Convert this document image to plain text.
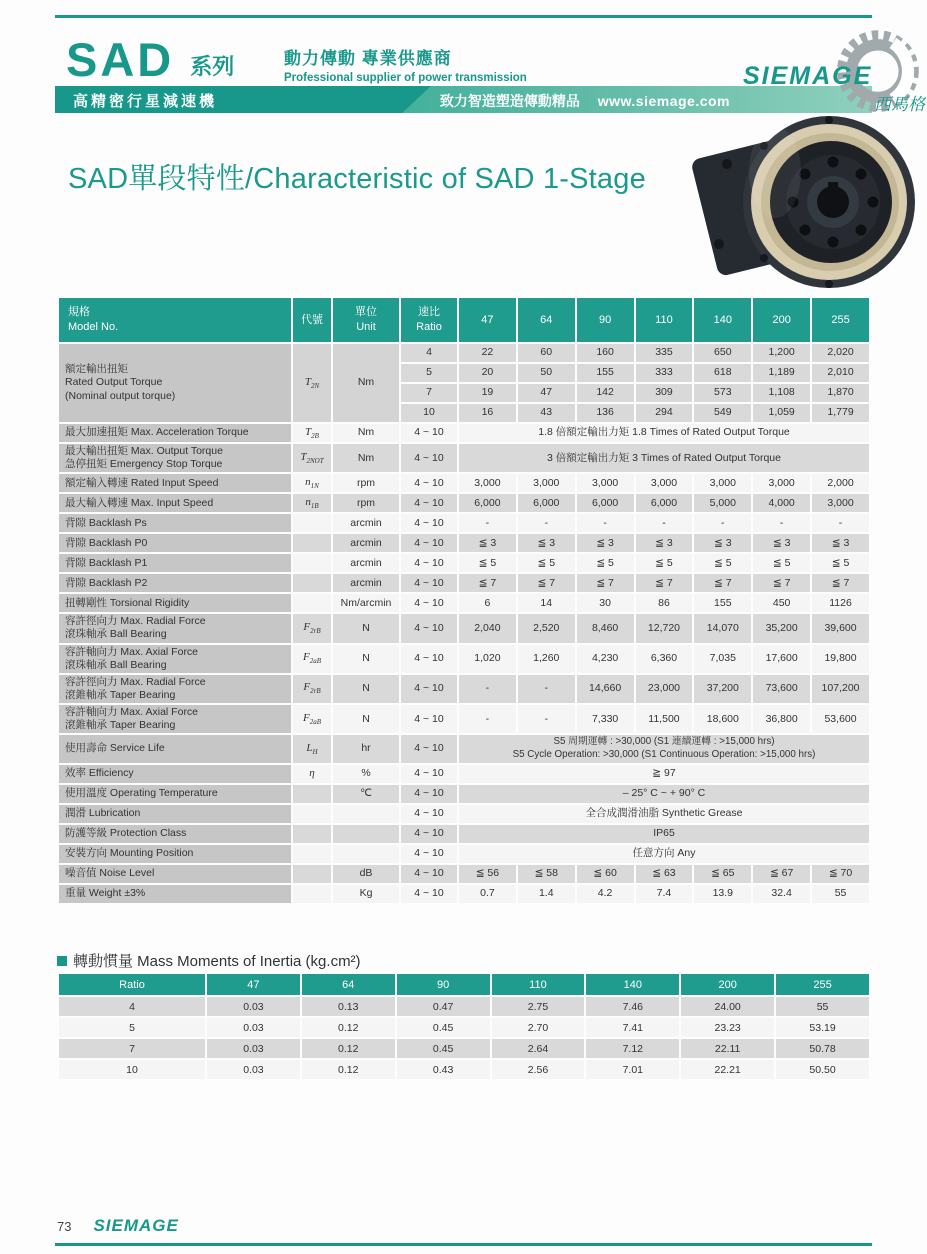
SAD 系列	動力傳動 專業供應商
Professional supplier of power transmission
高精密行星減速機	致力智造塑造傳動精品 www.siemage.com
SIEMAGE
西馬格
SAD單段特性/Characteristic of SAD 1-Stage
規格
Model No.	代號	單位
Unit	速比
Ratio	47	64	90	110	140	200	255
額定輸出扭矩
Rated Output Torque
(Nominal output torque)	$T_{2N}$	Nm	4	22	60	160	335	650	1,200	2,020
			5	20	50	155	333	618	1,189	2,010
			7	19	47	142	309	573	1,108	1,870
			10	16	43	136	294	549	1,059	1,779
最大加速扭矩 Max. Acceleration Torque	$T_{2B}$	Nm	4 ~ 10	1.8 倍額定輸出力矩 1.8 Times of Rated Output Torque						
最大輸出扭矩 Max. Output Torque
急停扭矩 Emergency Stop Torque	$T_{2NOT}$	Nm	4 ~ 10	3 倍額定輸出力矩 3 Times of Rated Output Torque						
額定輸入轉速 Rated Input Speed	$n_{1N}$	rpm	4 ~ 10	3,000	3,000	3,000	3,000	3,000	3,000	2,000
最大輸入轉速 Max. Input Speed	$n_{1B}$	rpm	4 ~ 10	6,000	6,000	6,000	6,000	5,000	4,000	3,000
背隙 Backlash Ps		arcmin	4 ~ 10	-	-	-	-	-	-	-
背隙 Backlash P0		arcmin	4 ~ 10	≦ 3	≦ 3	≦ 3	≦ 3	≦ 3	≦ 3	≦ 3
背隙 Backlash P1		arcmin	4 ~ 10	≦ 5	≦ 5	≦ 5	≦ 5	≦ 5	≦ 5	≦ 5
背隙 Backlash P2		arcmin	4 ~ 10	≦ 7	≦ 7	≦ 7	≦ 7	≦ 7	≦ 7	≦ 7
扭轉剛性 Torsional Rigidity		Nm/arcmin	4 ~ 10	6	14	30	86	155	450	1126
容許徑向力 Max. Radial Force
滾珠軸承 Ball Bearing	$F_{2rB}$	N	4 ~ 10	2,040	2,520	8,460	12,720	14,070	35,200	39,600
容許軸向力 Max. Axial Force
滾珠軸承 Ball Bearing	$F_{2aB}$	N	4 ~ 10	1,020	1,260	4,230	6,360	7,035	17,600	19,800
容許徑向力 Max. Radial Force
滾錐軸承 Taper Bearing	$F_{2rB}$	N	4 ~ 10	-	-	14,660	23,000	37,200	73,600	107,200
容許軸向力 Max. Axial Force
滾錐軸承 Taper Bearing	$F_{2aB}$	N	4 ~ 10	-	-	7,330	11,500	18,600	36,800	53,600
使用壽命 Service Life	$L_H$	hr	4 ~ 10	S5 周期運轉 : >30,000 (S1 連續運轉 : >15,000 hrs)
S5 Cycle Operation: >30,000 (S1 Continuous Operation: >15,000 hrs)						
效率 Efficiency	η	%	4 ~ 10	≧ 97						
使用溫度 Operating Temperature		℃	4 ~ 10	– 25° C ~ + 90° C						
潤滑 Lubrication			4 ~ 10	全合成潤滑油脂 Synthetic Grease						
防護等級 Protection Class			4 ~ 10	IP65						
安裝方向 Mounting Position			4 ~ 10	任意方向 Any						
噪音值 Noise Level		dB	4 ~ 10	≦ 56	≦ 58	≦ 60	≦ 63	≦ 65	≦ 67	≦ 70
重量 Weight ±3%		Kg	4 ~ 10	0.7	1.4	4.2	7.4	13.9	32.4	55
轉動慣量 Mass Moments of Inertia (kg.cm²)
Ratio	47	64	90	110	140	200	255
4	0.03	0.13	0.47	2.75	7.46	24.00	55
5	0.03	0.12	0.45	2.70	7.41	23.23	53.19
7	0.03	0.12	0.45	2.64	7.12	22.11	50.78
10	0.03	0.12	0.43	2.56	7.01	22.21	50.50
73 SIEMAGE
